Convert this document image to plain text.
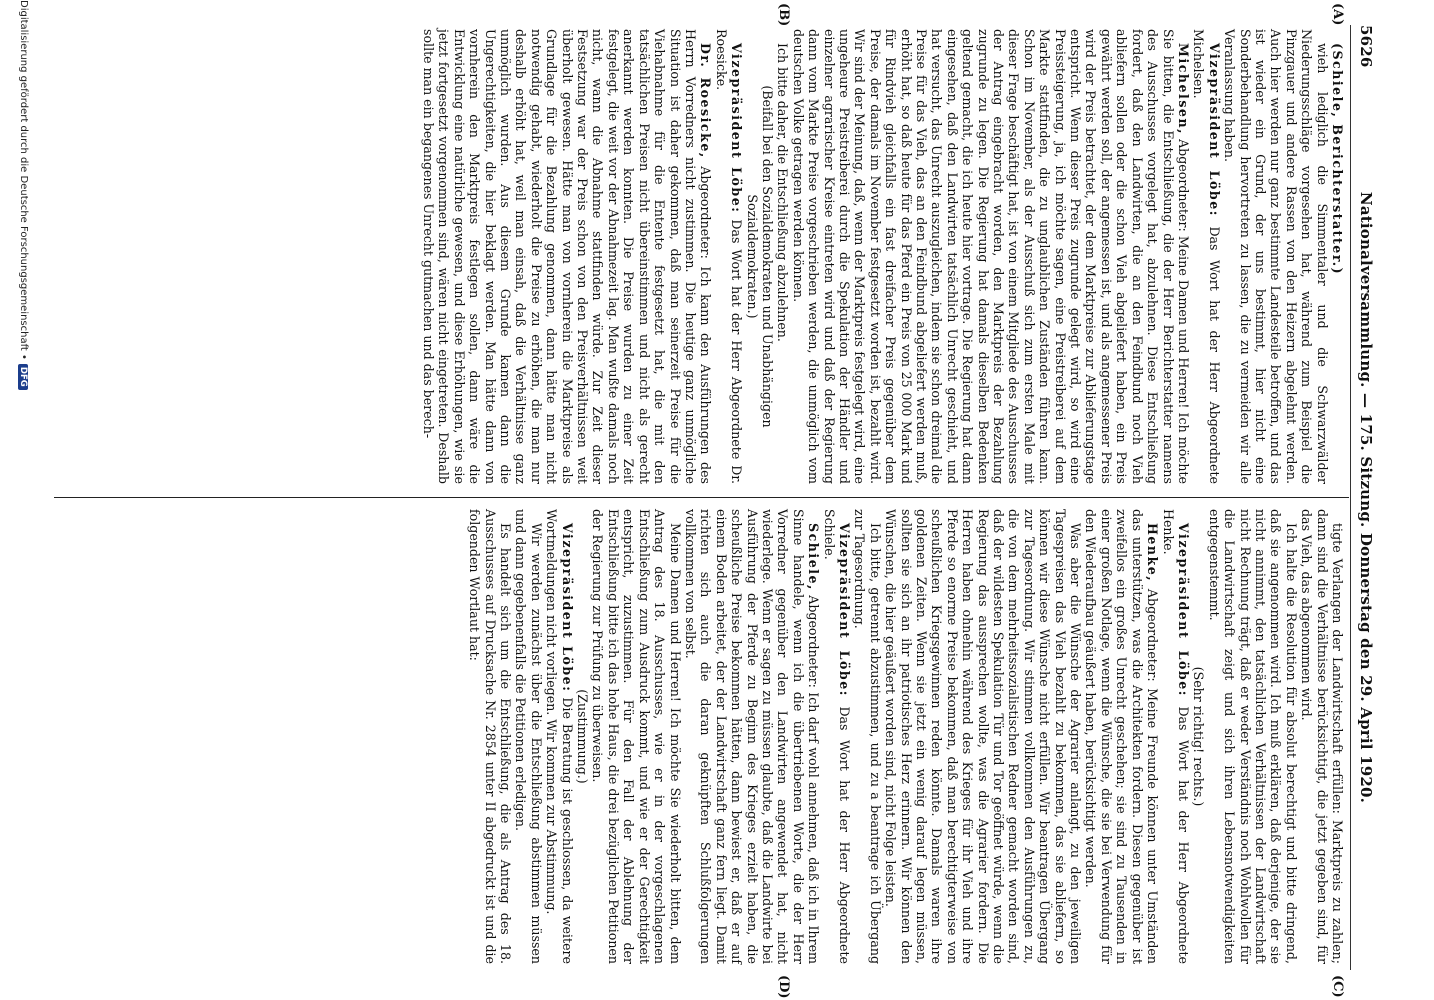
5626
Nationalversammlung. — 175. Sitzung. Donnerstag den 29. April 1920.
(A)
(B)
(C)
(D)

(Schiele, Berichterstatter.)

wieh lediglich die Simmentaler und die Schwarzwälder Niederungsschläge vorgesehen hat, während zum Beispiel die Pinzgauer und andere Rassen von den Heizern abgelehnt werden. Auch hier werden nur ganz bestimmte Landesteile betroffen, und das ist wieder ein Grund, der uns bestimmt, hier nicht eine Sonderbehandlung hervortreten zu lassen, die zu vermeiden wir alle Veranlassung haben.

Vizepräsident Löbe: Das Wort hat der Herr Abgeordnete Michelsen.

Michelsen, Abgeordneter: Meine Damen und Herren! Ich möchte Sie bitten, die Entschließung, die der Herr Berichterstatter namens des Ausschusses vorgelegt hat, abzulehnen. Diese Entschließung fordert, daß den Landwirten, die an den Feindbund noch Vieh abliefern sollen oder die schon Vieh abgeliefert haben, ein Preis gewährt werden soll, der angemessen ist, und als angemessener Preis wird der Preis betrachtet, der dem Marktpreise zur Ablieferungstage entspricht. Wenn dieser Preis zugrunde gelegt wird, so wird eine Preissteigerung, ja, ich möchte sagen, eine Preistreiberei auf dem Markte stattfinden, die zu unglaublichen Zuständen führen kann. Schon im November, als der Ausschuß sich zum ersten Male mit dieser Frage beschäftigt hat, ist von einem Mitgliede des Ausschusses der Antrag eingebracht worden, den Marktpreis der Bezahlung zugrunde zu legen. Die Regierung hat damals dieselben Bedenken geltend gemacht, die ich heute hier vortrage. Die Regierung hat dann eingesehen, daß den Landwirten tatsächlich Unrecht geschieht, und hat versucht, das Unrecht auszugleichen, indem sie schon dreimal die Preise für das Vieh, das an den Feindbund abgeliefert werden muß, erhöht hat, so daß heute für das Pferd ein Preis von 25 000 Mark und für Rindvieh gleichfalls ein fast dreifacher Preis gegenüber dem Preise, der damals im November festgesetzt worden ist, bezahlt wird. Wir sind der Meinung, daß, wenn der Marktpreis festgelegt wird, eine ungeheure Preistreiberei durch die Spekulation der Händler und einzelner agrarischer Kreise eintreten wird und daß der Regierung dann vom Markte Preise vorgeschrieben werden, die unmöglich vom deutschen Volke getragen werden können.

Ich bitte daher, die Entschließung abzulehnen.

(Beifall bei den Sozialdemokraten und Unabhängigen Sozialdemokraten.)

Vizepräsident Löbe: Das Wort hat der Herr Abgeordnete Dr. Roesicke.

Dr. Roesicke, Abgeordneter: Ich kann den Ausführungen des Herrn Vorredners nicht zustimmen. Die heutige ganz unmögliche Situation ist daher gekommen, daß man seinerzeit Preise für die Viehabnahme für die Entente festgesetzt hat, die mit den tatsächlichen Preisen nicht übereinstimmen und nicht als gerecht anerkannt werden konnten. Die Preise wurden zu einer Zeit festgelegt, die weit vor der Abnahmezeit lag. Man wußte damals noch nicht, wann die Abnahme stattfinden würde. Zur Zeit dieser Festsetzung war der Preis schon von den Preisverhältnissen weit überholt gewesen. Hätte man von vornherein die Marktpreise als Grundlage für die Bezahlung genommen, dann hätte man nicht notwendig gehabt, wiederholt die Preise zu erhöhen, die man nur deshalb erhöht hat, weil man einsah, daß die Verhältnisse ganz unmöglich wurden. Aus diesem Grunde kamen dann die Ungerechtigkeiten, die hier beklagt werden. Man hätte dann von vornherein den Marktpreis festlegen sollen, dann wäre die Entwicklung eine natürliche gewesen, und diese Erhöhungen, wie sie jetzt fortgesetzt vorgenommen sind, wären nicht eingetreten. Deshalb sollte man ein begangenes Unrecht gutmachen und das berech-

tigte Verlangen der Landwirtschaft erfüllen: Marktpreis zu zahlen; dann sind die Verhältnisse berücksichtigt, die jetzt gegeben sind, für das Vieh, das abgenommen wird.

Ich halte die Resolution für absolut berechtigt und bitte dringend, daß sie angenommen wird. Ich muß erklären, daß derjenige, der sie nicht annimmt, den tatsächlichen Verhältnissen der Landwirtschaft nicht Rechnung trägt, daß er weder Verständnis noch Wohlwollen für die Landwirtschaft zeigt und sich ihren Lebensnotwendigkeiten entgegenstemmt.

(Sehr richtig! rechts.)

Vizepräsident Löbe: Das Wort hat der Herr Abgeordnete Henke.

Henke, Abgeordneter: Meine Freunde können unter Umständen das unterstützen, was die Architekten fordern. Diesen gegenüber ist zweifellos ein großes Unrecht geschehen; sie sind zu Tausenden in einer großen Notlage, wenn die Wünsche, die sie bei Verwendung für den Wiederaufbau geäußert haben, berücksichtigt werden.

Was aber die Wünsche der Agrarier anlangt, zu den jeweiligen Tagespreisen das Vieh bezahlt zu bekommen, das sie abliefern, so können wir diese Wünsche nicht erfüllen. Wir beantragen Übergang zur Tagesordnung. Wir stimmen vollkommen den Ausführungen zu, die von dem mehrheitssozialistischen Redner gemacht worden sind, daß der wildesten Spekulation Tür und Tor geöffnet würde, wenn die Regierung das aussprechen wollte, was die Agrarier fordern. Die Herren haben ohnehin während des Krieges für ihr Vieh und ihre Pferde so enorme Preise bekommen, daß man berechtigterweise von scheußlichen Kriegsgewinnen reden könnte. Damals waren ihre goldenen Zeiten. Wenn sie jetzt ein wenig darauf legen müssen, sollten sie sich an ihr patriotisches Herz erinnern. Wir können den Wünschen, die hier geäußert worden sind, nicht Folge leisten.

Ich bitte, getrennt abzustimmen, und zu a beantrage ich Übergang zur Tagesordnung.

Vizepräsident Löbe: Das Wort hat der Herr Abgeordnete Schiele.

Schiele, Abgeordneter: Ich darf wohl annehmen, daß ich in Ihrem Sinne handele, wenn ich die übertriebenen Worte, die der Herr Vorredner gegenüber den Landwirten angewendet hat, nicht wiederlege. Wenn er sagen zu müssen glaubte, daß die Landwirte bei Ausführung der Pferde zu Beginn des Krieges erzielt haben, die scheußliche Preise bekommen hätten, dann bewiest er, daß er auf einem Boden arbeitet, der der Landwirtschaft ganz fern liegt. Damit richten sich auch die daran geknüpften Schlußfolgerungen vollkommen von selbst.

Meine Damen und Herren! Ich möchte Sie wiederholt bitten, dem Antrag des 18. Ausschusses, wie er in der vorgeschlagenen Entschließung zum Ausdruck kommt, und wie er der Gerechtigkeit entspricht, zuzustimmen. Für den Fall der Ablehnung der Entschließung bitte ich das hohe Haus, die drei bezüglichen Petitionen der Regierung zur Prüfung zu überweisen.

(Zustimmung.)

Vizepräsident Löbe: Die Beratung ist geschlossen, da weitere Wortmeldungen nicht vorliegen. Wir kommen zur Abstimmung.

Wir werden zunächst über die Entschließung abstimmen müssen und dann gegebenenfalls die Petitionen erledigen.

Es handelt sich um die Entschließung, die als Antrag des 18. Ausschusses auf Drucksache Nr. 2854 unter II abgedruckt ist und die folgenden Wortlaut hat:

Digitalisierung gefördert durch die Deutsche Forschungsgemeinschaft •DFG
